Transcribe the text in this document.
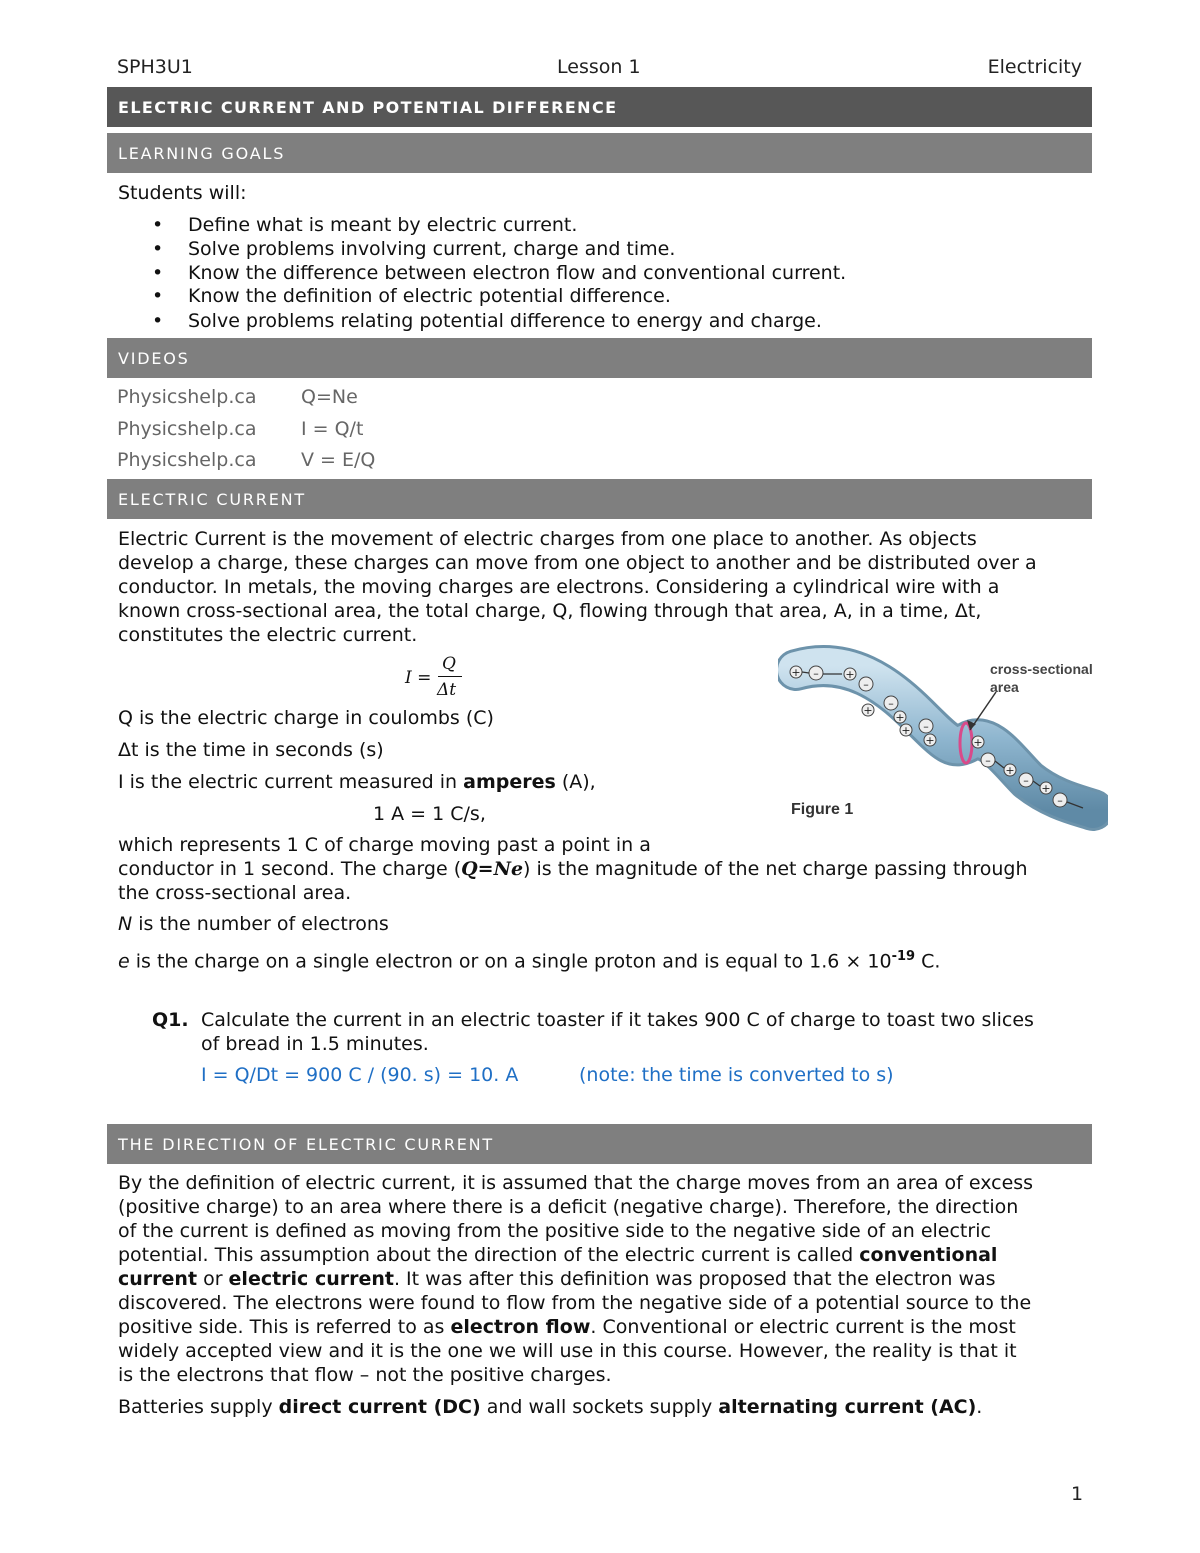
SPH3U1	Lesson 1	Electricity
ELECTRIC CURRENT AND POTENTIAL DIFFERENCE
LEARNING GOALS
Students will:
• Define what is meant by electric current.
• Solve problems involving current, charge and time.
• Know the difference between electron flow and conventional current.
• Know the definition of electric potential difference.
• Solve problems relating potential difference to energy and charge.
VIDEOS
Physicshelp.ca Q=Ne
Physicshelp.ca I = Q/t
Physicshelp.ca V = E/Q
ELECTRIC CURRENT
Electric Current is the movement of electric charges from one place to another. As objects
develop a charge, these charges can move from one object to another and be distributed over a
conductor. In metals, the moving charges are electrons. Considering a cylindrical wire with a
known cross-sectional area, the total charge, Q, flowing through that area, A, in a time, Δt,
constitutes the electric current.
I =
Q
Δt
Q is the electric charge in coulombs (C)
Δt is the time in seconds (s)
I is the electric current measured in amperes (A),
1 A = 1 C/s,
which represents 1 C of charge moving past a point in a
conductor in 1 second. The charge (Q=Ne) is the magnitude of the net charge passing through
the cross-sectional area.
N is the number of electrons
e is the charge on a single electron or on a single proton and is equal to $1.6 \times 10^{-19}$ C.
+ – +
–
+
–
+
+ –
+	+
–
+
–
+
–
cross-sectional area
Figure 1
Q1. Calculate the current in an electric toaster if it takes 900 C of charge to toast two slices
of bread in 1.5 minutes.
I = Q/Dt = 900 C / (90. s) = 10. A	(note: the time is converted to s)
THE DIRECTION OF ELECTRIC CURRENT
By the definition of electric current, it is assumed that the charge moves from an area of excess
(positive charge) to an area where there is a deficit (negative charge). Therefore, the direction
of the current is defined as moving from the positive side to the negative side of an electric
potential. This assumption about the direction of the electric current is called conventional
current or electric current. It was after this definition was proposed that the electron was
discovered. The electrons were found to flow from the negative side of a potential source to the
positive side. This is referred to as electron flow. Conventional or electric current is the most
widely accepted view and it is the one we will use in this course. However, the reality is that it
is the electrons that flow – not the positive charges.
Batteries supply direct current (DC) and wall sockets supply alternating current (AC).
1
